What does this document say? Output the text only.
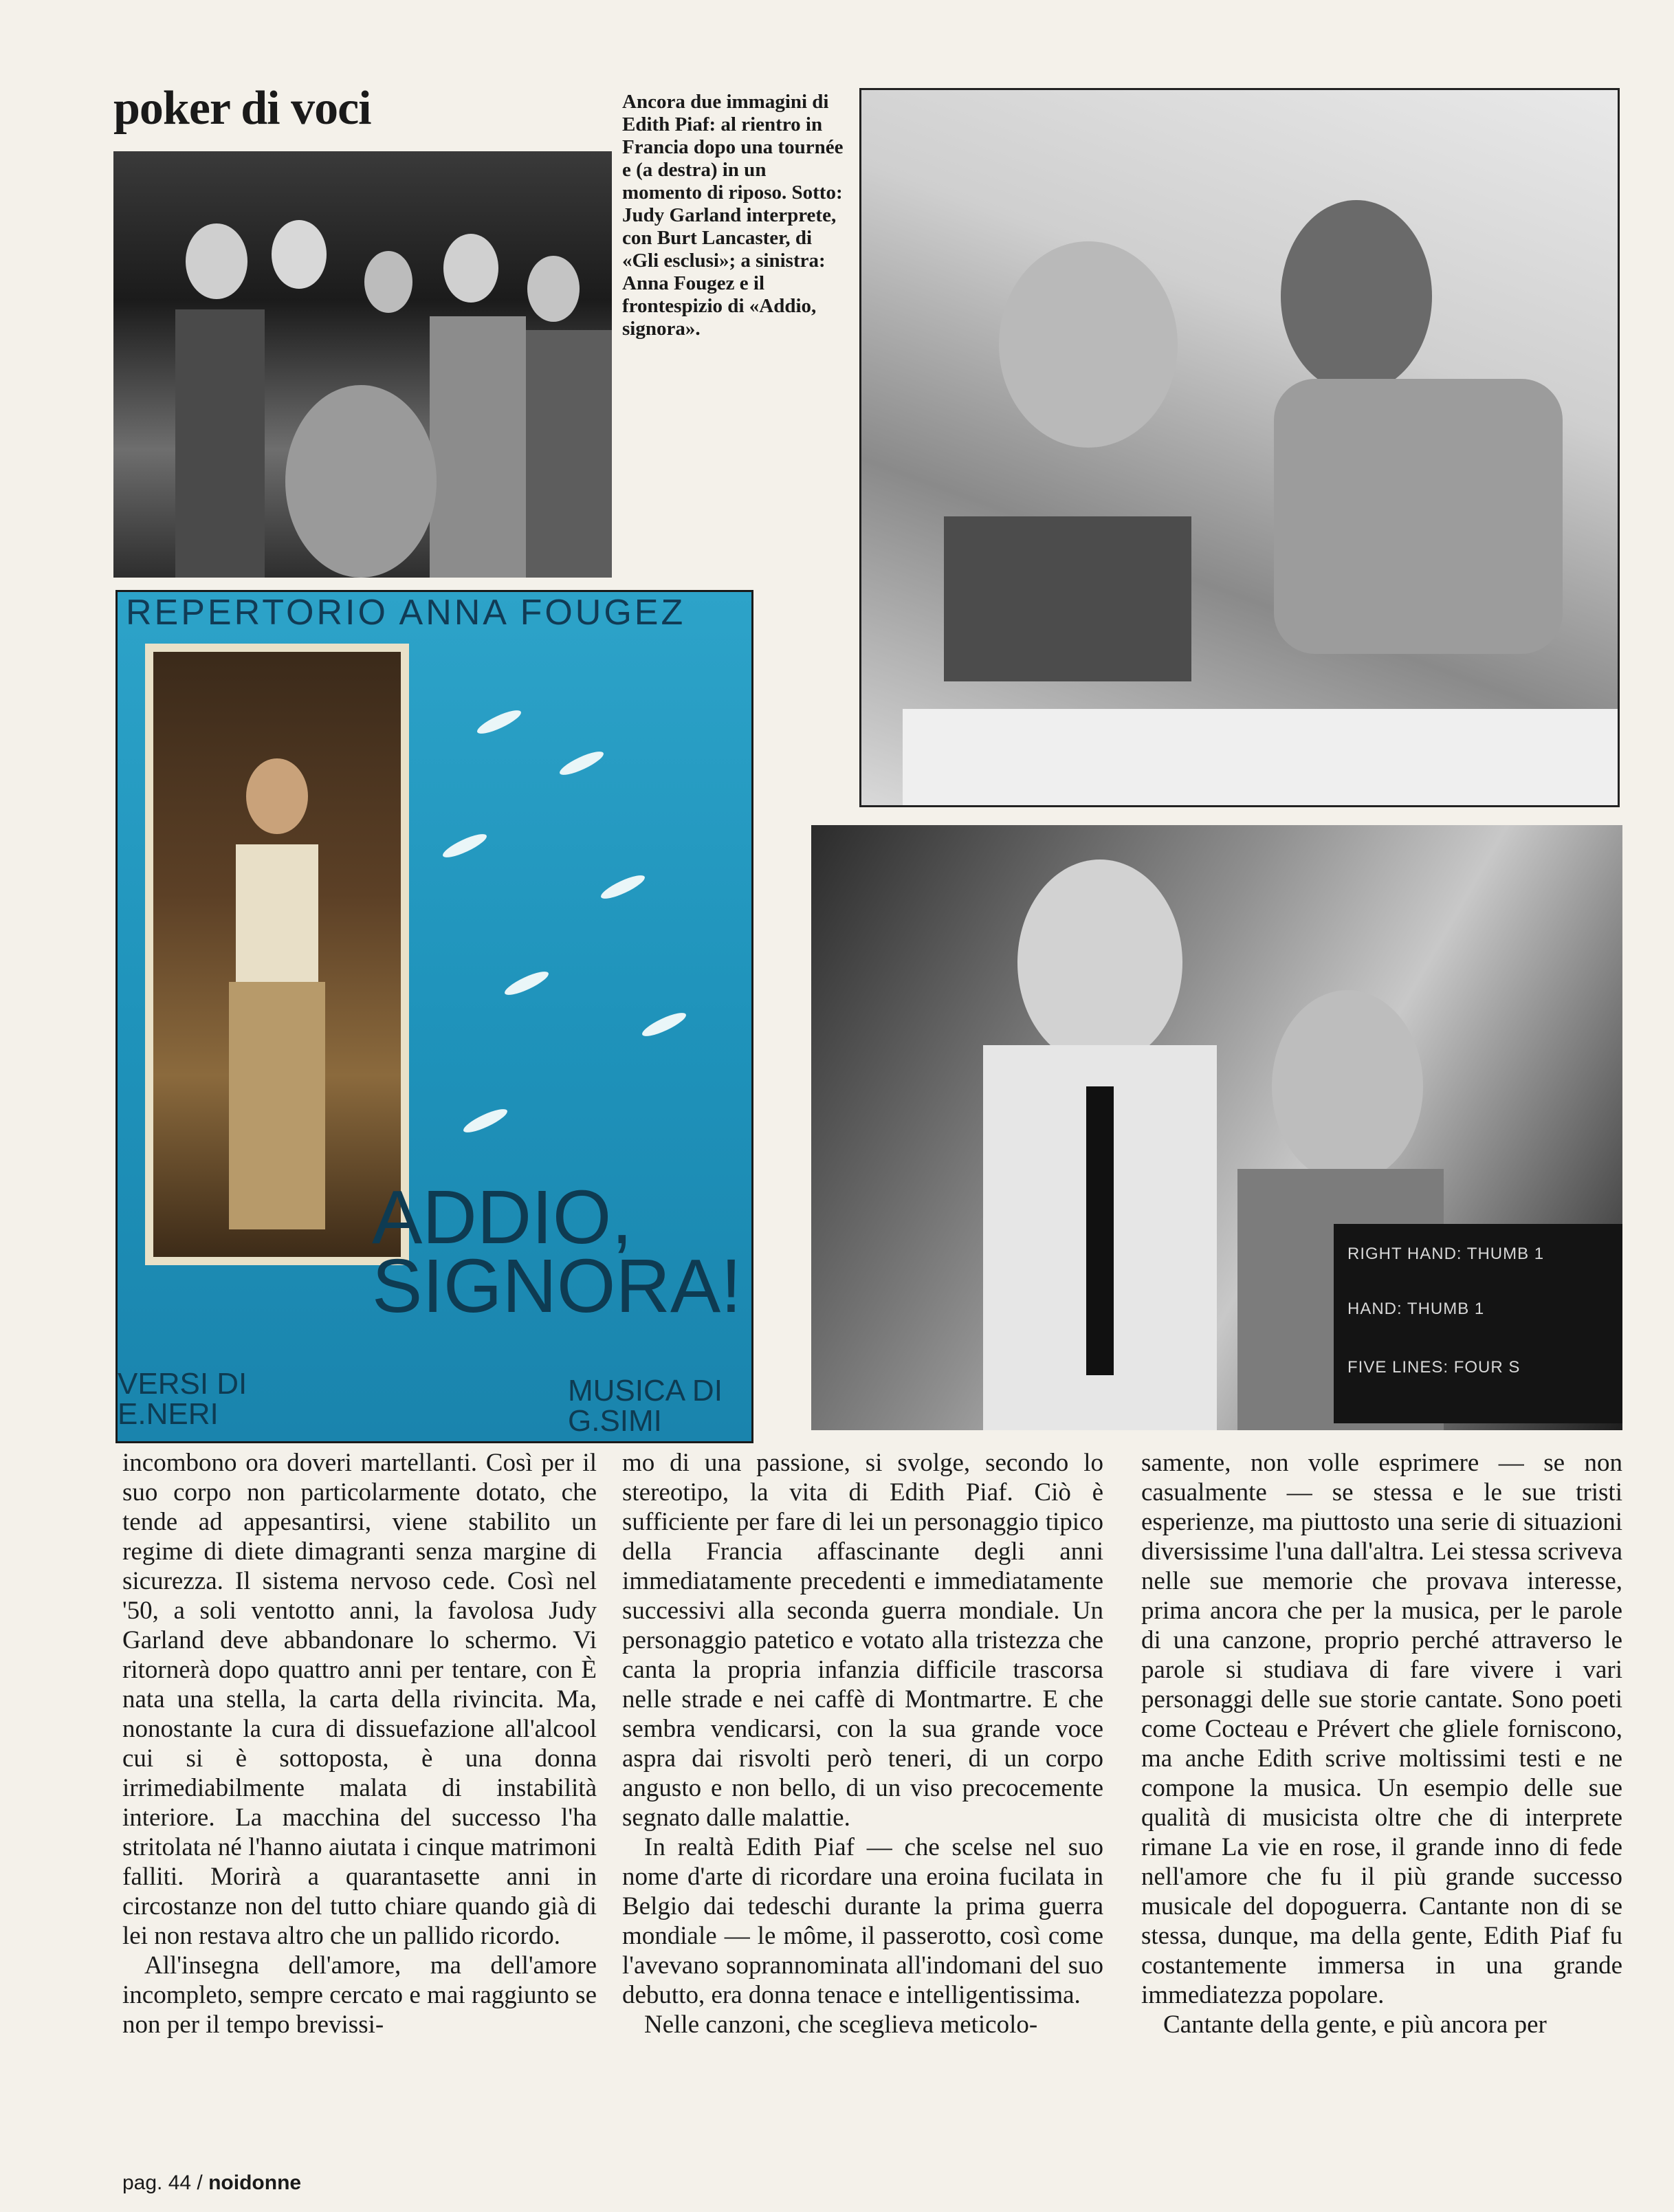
poker di voci	Ancora due immagini di Edith Piaf: al rientro in Francia dopo una tournée e (a destra) in un momento di riposo. Sotto: Judy Garland interprete, con Burt Lancaster, di «Gli esclusi»; a sinistra: Anna Fougez e il frontespizio di «Addio, signora».
RIGHT HAND: THUMB 1
HAND: THUMB 1
FIVE LINES: FOUR S
REPERTORIO ANNA FOUGEZ
ADDIO,
SIGNORA!
VERSI DI
E.NERI
MUSICA DI
G.SIMI

incombono ora doveri martellanti. Così per il suo corpo non particolarmente dotato, che tende ad appesantirsi, viene stabilito un regime di diete dimagranti senza margine di sicurezza. Il sistema nervoso cede. Così nel '50, a soli ventotto anni, la favolosa Judy Garland deve abbandonare lo schermo. Vi ritornerà dopo quattro anni per tentare, con È nata una stella, la carta della rivincita. Ma, nonostante la cura di dissuefazione all'alcool cui si è sottoposta, è una donna irrimediabilmente malata di instabilità interiore. La macchina del successo l'ha stritolata né l'hanno aiutata i cinque matrimoni falliti. Morirà a quarantasette anni in circostanze non del tutto chiare quando già di lei non restava altro che un pallido ricordo.

All'insegna dell'amore, ma dell'amore incompleto, sempre cercato e mai raggiunto se non per il tempo brevissi-

mo di una passione, si svolge, secondo lo stereotipo, la vita di Edith Piaf. Ciò è sufficiente per fare di lei un personaggio tipico della Francia affascinante degli anni immediatamente precedenti e immediatamente successivi alla seconda guerra mondiale. Un personaggio patetico e votato alla tristezza che canta la propria infanzia difficile trascorsa nelle strade e nei caffè di Montmartre. E che sembra vendicarsi, con la sua grande voce aspra dai risvolti però teneri, di un corpo angusto e non bello, di un viso precocemente segnato dalle malattie.

In realtà Edith Piaf — che scelse nel suo nome d'arte di ricordare una eroina fucilata in Belgio dai tedeschi durante la prima guerra mondiale — le môme, il passerotto, così come l'avevano soprannominata all'indomani del suo debutto, era donna tenace e intelligentissima.

Nelle canzoni, che sceglieva meticolo-

samente, non volle esprimere — se non casualmente — se stessa e le sue tristi esperienze, ma piuttosto una serie di situazioni diversissime l'una dall'altra. Lei stessa scriveva nelle sue memorie che provava interesse, prima ancora che per la musica, per le parole di una canzone, proprio perché attraverso le parole si studiava di fare vivere i vari personaggi delle sue storie cantate. Sono poeti come Cocteau e Prévert che gliele forniscono, ma anche Edith scrive moltissimi testi e ne compone la musica. Un esempio delle sue qualità di musicista oltre che di interprete rimane La vie en rose, il grande inno di fede nell'amore che fu il più grande successo musicale del dopoguerra. Cantante non di se stessa, dunque, ma della gente, Edith Piaf fu costantemente immersa in una grande immediatezza popolare.

Cantante della gente, e più ancora per

pag. 44 / noidonne
